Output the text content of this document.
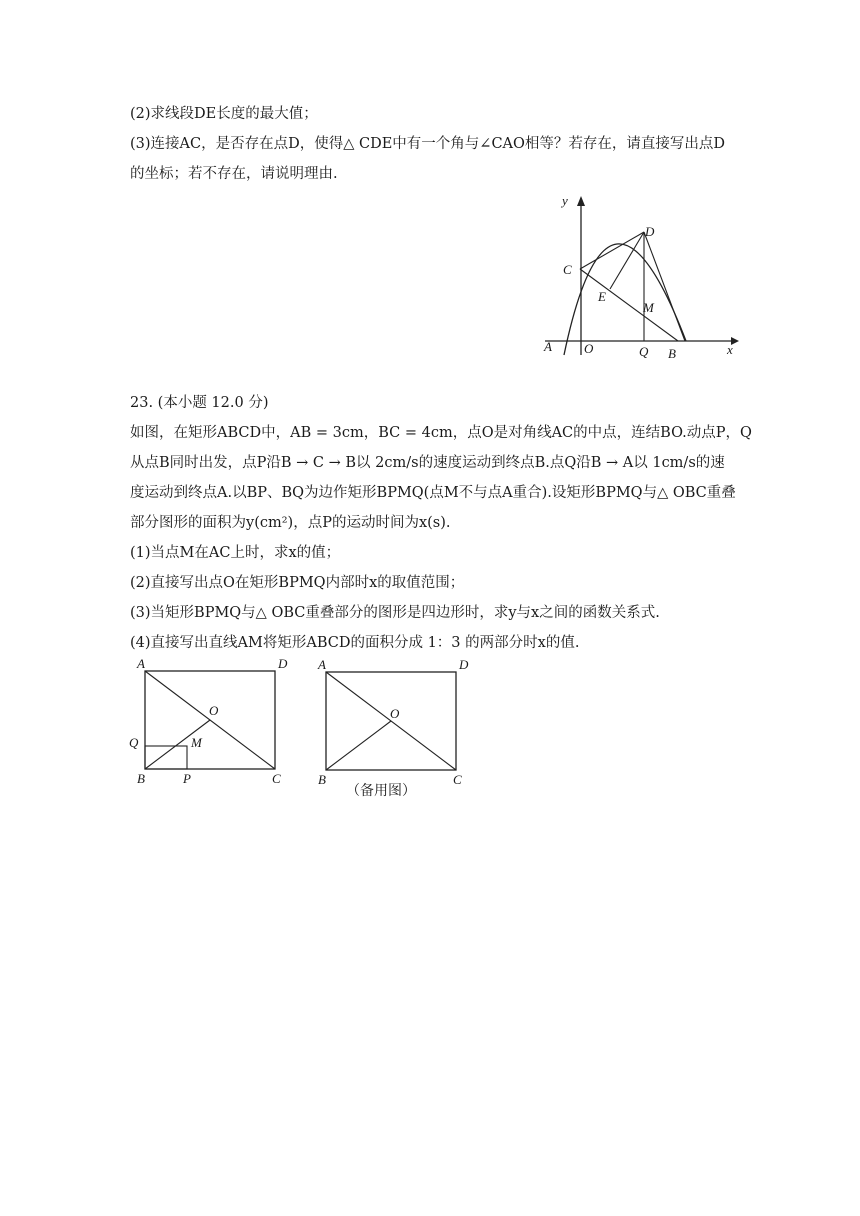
(2)求线段DE长度的最大值；
(3)连接AC，是否存在点D，使得△ CDE中有一个角与∠CAO相等？若存在，请直接写出点D
的坐标；若不存在，请说明理由.
y
x
A O	Q B
C
D
E
M
23. (本小题 12.0 分)
如图，在矩形ABCD中，AB = 3cm，BC = 4cm，点O是对角线AC的中点，连结BO.动点P，Q
从点B同时出发，点P沿B → C → B以 2cm/s的速度运动到终点B.点Q沿B → A以 1cm/s的速
度运动到终点A.以BP、BQ为边作矩形BPMQ(点M不与点A重合).设矩形BPMQ与△ OBC重叠
部分图形的面积为y(cm²)，点P的运动时间为x(s).
(1)当点M在AC上时，求x的值；
(2)直接写出点O在矩形BPMQ内部时x的取值范围；
(3)当矩形BPMQ与△ OBC重叠部分的图形是四边形时，求y与x之间的函数关系式.
(4)直接写出直线AM将矩形ABCD的面积分成 1：3 的两部分时x的值.
A	D
O
Q	M
B	P	C
A	D
O
B	C
（备用图）
